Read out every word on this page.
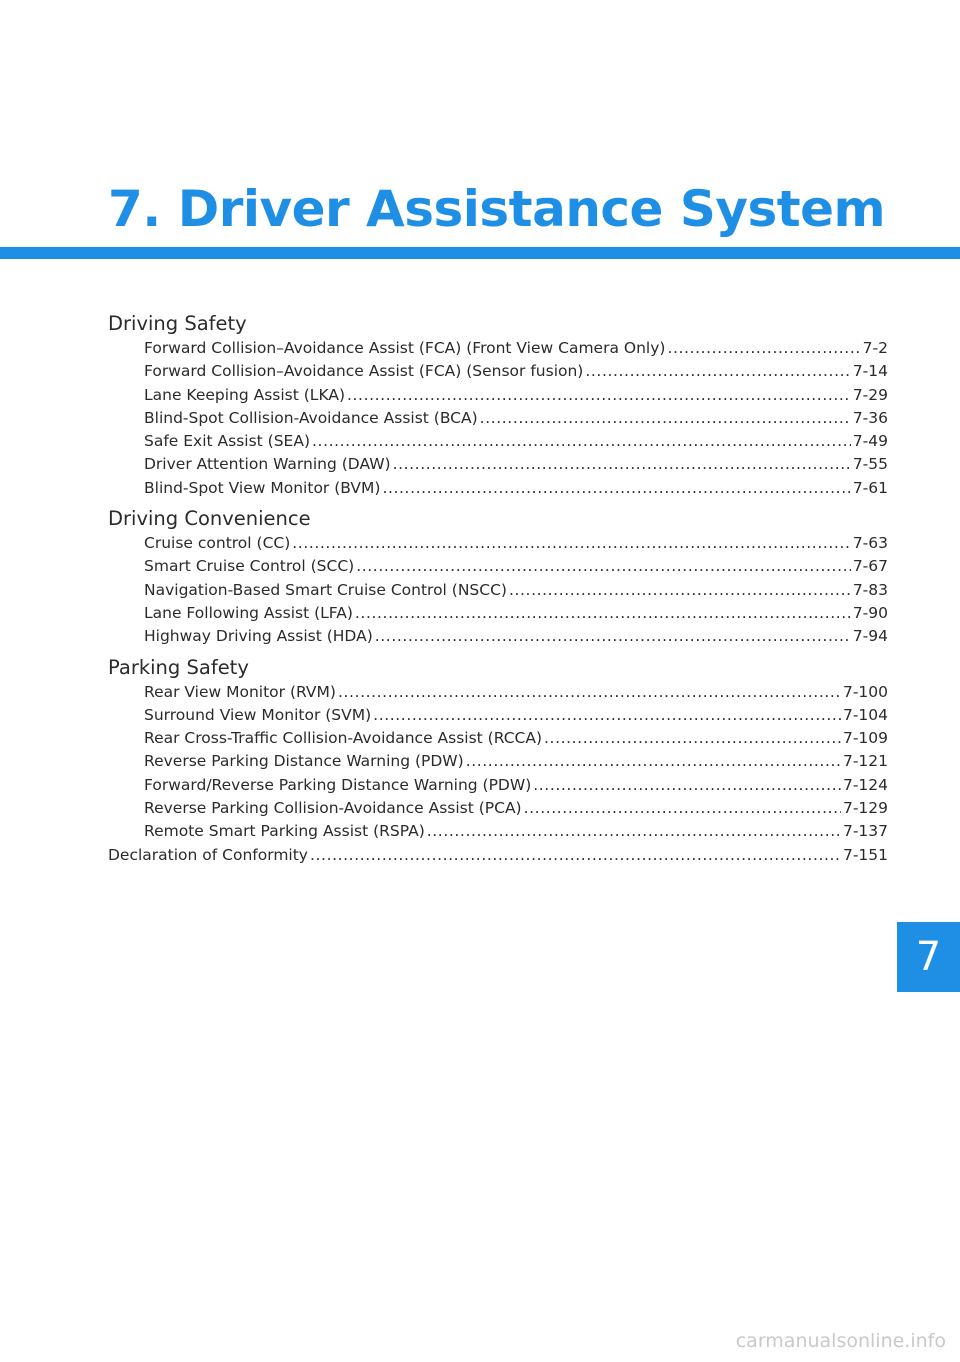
7. Driver Assistance System
Driving Safety
Forward Collision–Avoidance Assist (FCA) (Front View Camera Only) .....	7-2
Forward Collision–Avoidance Assist (FCA) (Sensor fusion) .....	7-14
Lane Keeping Assist (LKA) .....	7-29
Blind-Spot Collision-Avoidance Assist (BCA) .....	7-36
Safe Exit Assist (SEA) .....	7-49
Driver Attention Warning (DAW) .....	7-55
Blind-Spot View Monitor (BVM) .....	7-61
Driving Convenience
Cruise control (CC) .....	7-63
Smart Cruise Control (SCC) .....	7-67
Navigation-Based Smart Cruise Control (NSCC) .....	7-83
Lane Following Assist (LFA) .....	7-90
Highway Driving Assist (HDA) .....	7-94
Parking Safety
Rear View Monitor (RVM) .....	7-100
Surround View Monitor (SVM) .....	7-104
Rear Cross-Traffic Collision-Avoidance Assist (RCCA) .....	7-109
Reverse Parking Distance Warning (PDW) .....	7-121
Forward/Reverse Parking Distance Warning (PDW) .....	7-124
Reverse Parking Collision-Avoidance Assist (PCA) .....	7-129
Remote Smart Parking Assist (RSPA) .....	7-137
Declaration of Conformity .....	7-151
7
carmanualsonline.info
